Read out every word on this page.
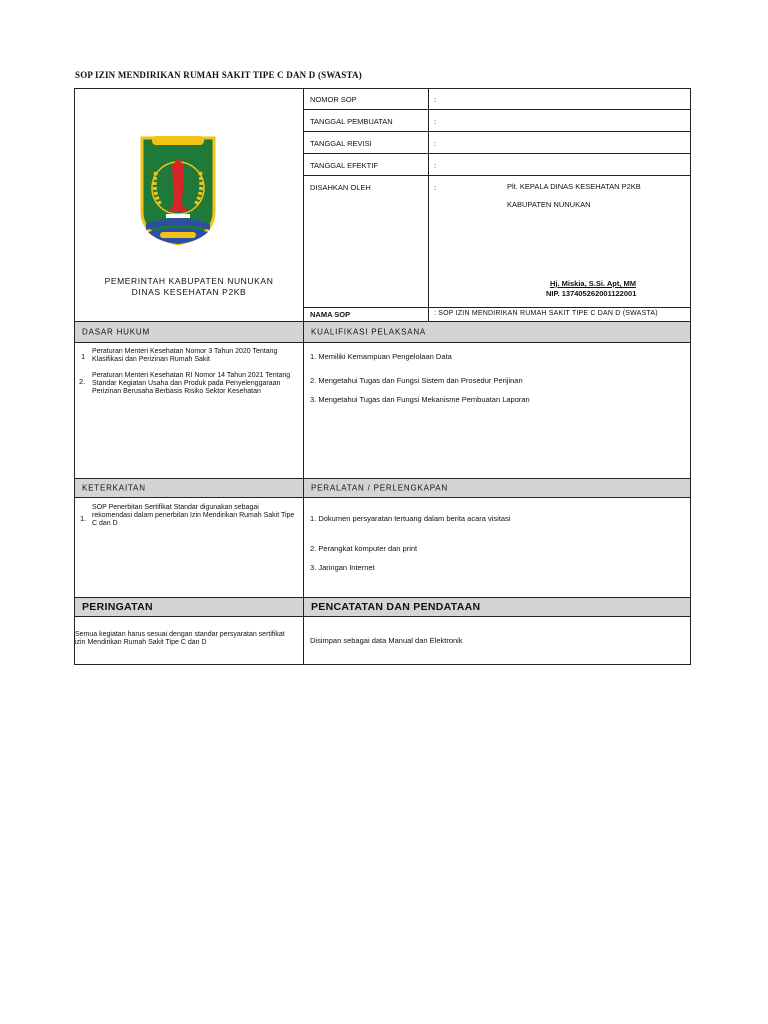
SOP IZIN MENDIRIKAN RUMAH SAKIT TIPE C DAN D (SWASTA)
PEMERINTAH KABUPATEN NUNUKAN
DINAS KESEHATAN P2KB
NOMOR SOP	:
TANGGAL PEMBUATAN	:
TANGGAL REVISI	:
TANGGAL EFEKTIF	:
DISAHKAN OLEH	:	Plt. KEPALA DINAS KESEHATAN P2KB
KABUPATEN NUNUKAN
Hj. Miskia, S.Si. Apt, MM
NIP. 137405262001122001
NAMA SOP	: SOP IZIN MENDIRIKAN RUMAH SAKIT TIPE C DAN D (SWASTA)
DASAR HUKUM	KUALIFIKASI PELAKSANA
1
Peraturan Menteri Kesehatan Nomor 3 Tahun 2020 Tentang Klasifikasi dan Perizinan Rumah Sakit
2.
Peraturan Menteri Kesehatan RI Nomor 14 Tahun 2021 Tentang Standar Kegiatan Usaha dan Produk pada Penyelenggaraan Perizinan Berusaha Berbasis Risiko Sektor Kesehatan
1. Memiliki Kemampuan Pengelolaan Data
2. Mengetahui Tugas dan Fungsi Sistem dan Prosedur Perijinan
3. Mengetahui Tugas dan Fungsi Mekanisme Pembuatan Laporan
KETERKAITAN	PERALATAN / PERLENGKAPAN
1.
SOP Penerbitan Sertifikat Standar digunakan sebagai rekomendasi dalam penerbitan Izin Mendirikan Rumah Sakit Tipe C dan D
1. Dokumen persyaratan tertuang dalam berita acara visitasi
2. Perangkat komputer dan print
3. Jaringan Internet
PERINGATAN	PENCATATAN DAN PENDATAAN
Semua kegiatan harus sesuai dengan standar persyaratan sertifikat izin Mendirikan Rumah Sakit Tipe C dan D	Disimpan sebagai data Manual dan Elektronik
